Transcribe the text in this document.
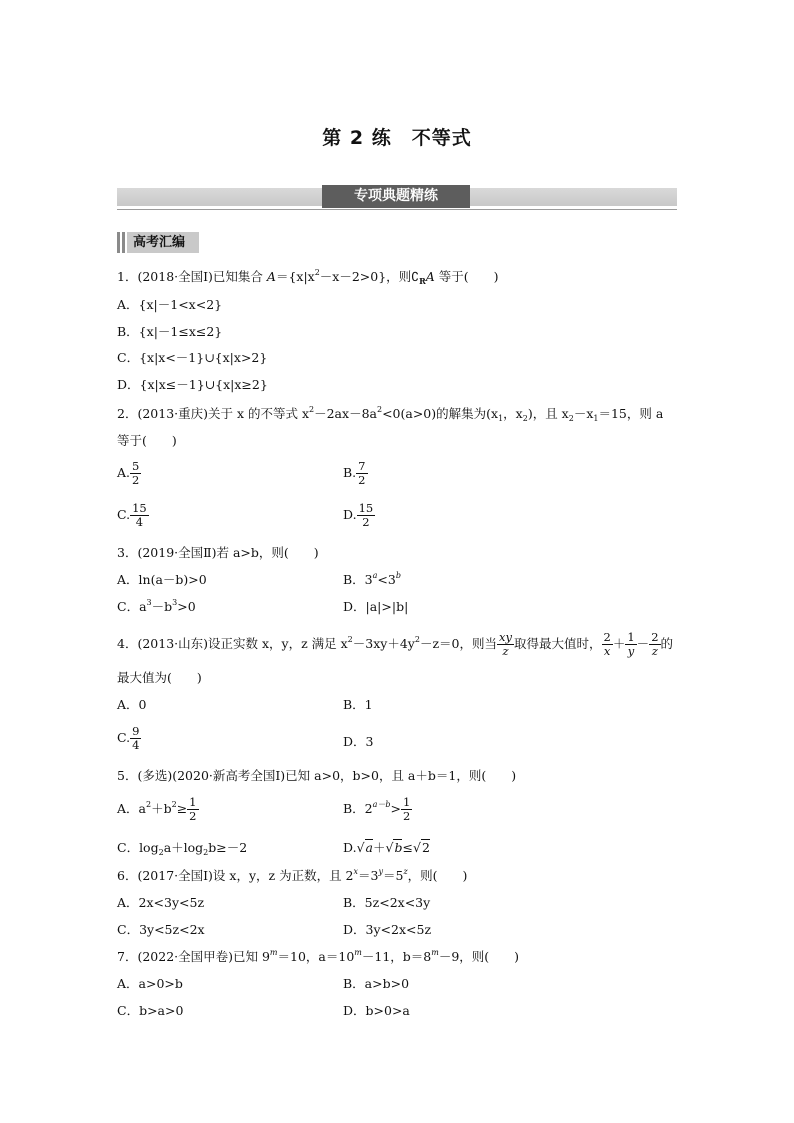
第 2 练　不等式
专项典题精练
高考汇编
1．(2018·全国Ⅰ)已知集合 $A=\{x|x^2-x-2>0\}$，则$∁_RA$ 等于(　　)
A．{x|－1<x<2}
B．{x|－1≤x≤2}
C．{x|x<－1}∪{x|x>2}
D．{x|x≤－1}∪{x|x≥2}
2．(2013·重庆)关于 x 的不等式 $x^2-2ax-8a^2<0(a>0)$的解集为($x_1$，$x_2$)，且 $x_2-x_1=15$，则 a
等于(　　)
A. $\frac{5}{2}$	B. $\frac{7}{2}$
C. $\frac{15}{4}$	D. $\frac{15}{2}$
3．(2019·全国Ⅱ)若 a>b，则(　　)
A．ln(a－b)>0	B．$3^a<3^b$
C．$a^3-b^3>0$	D．|a|>|b|
4．(2013·山东)设正实数 x，y，z 满足 $x^2-3xy+4y^2-z=0$，则当 $\frac{xy}{z}$ 取得最大值时， $\frac{2}{x} + \frac{1}{y} - \frac{2}{z}$ 的
最大值为(　　)
A．0	B．1
C. $\frac{9}{4}$	D．3
5．(多选)(2020·新高考全国Ⅰ)已知 a>0，b>0，且 a＋b＝1，则(　　)
A．$a^2+b^2\ge \frac{1}{2}$	B．$2^{a-b}> \frac{1}{2}$
C．$\log_2a+\log_2b\ge-2$	D.√a＋√b≤√2
6．(2017·全国Ⅰ)设 x，y，z 为正数，且 $2^x=3^y=5^z$，则(　　)
A．2x<3y<5z	B．5z<2x<3y
C．3y<5z<2x	D．3y<2x<5z
7．(2022·全国甲卷)已知 $9^m=10$，$a=10^m-11$，$b=8^m-9$，则(　　)
A．a>0>b	B．a>b>0
C．b>a>0	D．b>0>a
